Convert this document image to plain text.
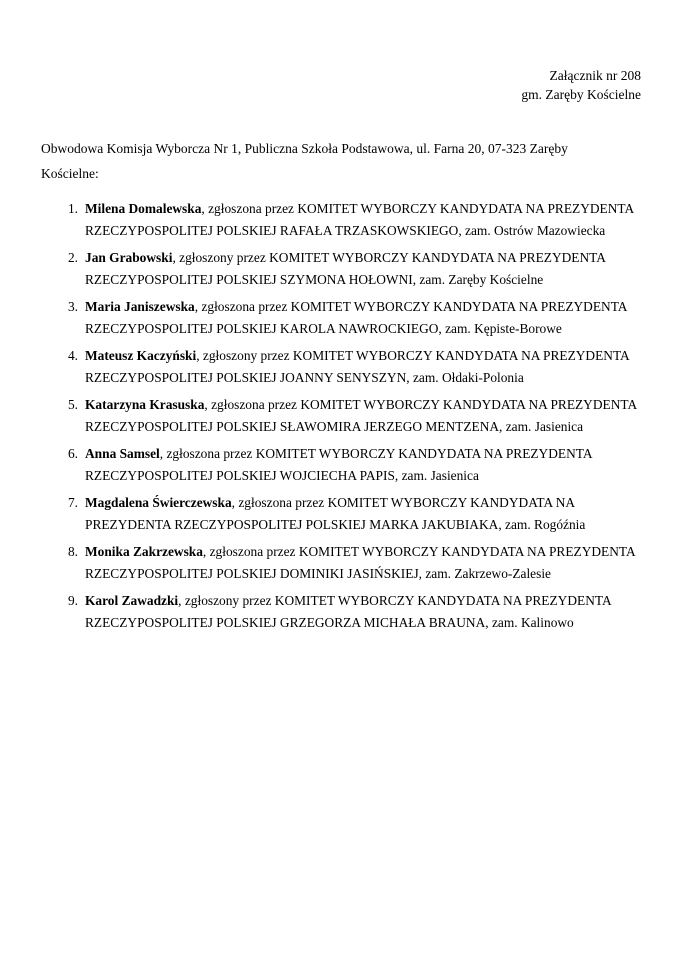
Załącznik nr 208
gm. Zaręby Kościelne

Obwodowa Komisja Wyborcza Nr 1, Publiczna Szkoła Podstawowa, ul. Farna 20, 07-323 Zaręby Kościelne:

1. Milena Domalewska, zgłoszona przez KOMITET WYBORCZY KANDYDATA NA PREZYDENTA RZECZYPOSPOLITEJ POLSKIEJ RAFAŁA TRZASKOWSKIEGO, zam. Ostrów Mazowiecka
2. Jan Grabowski, zgłoszony przez KOMITET WYBORCZY KANDYDATA NA PREZYDENTA RZECZYPOSPOLITEJ POLSKIEJ SZYMONA HOŁOWNI, zam. Zaręby Kościelne
3. Maria Janiszewska, zgłoszona przez KOMITET WYBORCZY KANDYDATA NA PREZYDENTA RZECZYPOSPOLITEJ POLSKIEJ KAROLA NAWROCKIEGO, zam. Kępiste-Borowe
4. Mateusz Kaczyński, zgłoszony przez KOMITET WYBORCZY KANDYDATA NA PREZYDENTA RZECZYPOSPOLITEJ POLSKIEJ JOANNY SENYSZYN, zam. Ołdaki-Polonia
5. Katarzyna Krasuska, zgłoszona przez KOMITET WYBORCZY KANDYDATA NA PREZYDENTA RZECZYPOSPOLITEJ POLSKIEJ SŁAWOMIRA JERZEGO MENTZENA, zam. Jasienica
6. Anna Samsel, zgłoszona przez KOMITET WYBORCZY KANDYDATA NA PREZYDENTA RZECZYPOSPOLITEJ POLSKIEJ WOJCIECHA PAPIS, zam. Jasienica
7. Magdalena Świerczewska, zgłoszona przez KOMITET WYBORCZY KANDYDATA NA PREZYDENTA RZECZYPOSPOLITEJ POLSKIEJ MARKA JAKUBIAKA, zam. Rogóźnia
8. Monika Zakrzewska, zgłoszona przez KOMITET WYBORCZY KANDYDATA NA PREZYDENTA RZECZYPOSPOLITEJ POLSKIEJ DOMINIKI JASIŃSKIEJ, zam. Zakrzewo-Zalesie
9. Karol Zawadzki, zgłoszony przez KOMITET WYBORCZY KANDYDATA NA PREZYDENTA RZECZYPOSPOLITEJ POLSKIEJ GRZEGORZA MICHAŁA BRAUNA, zam. Kalinowo
